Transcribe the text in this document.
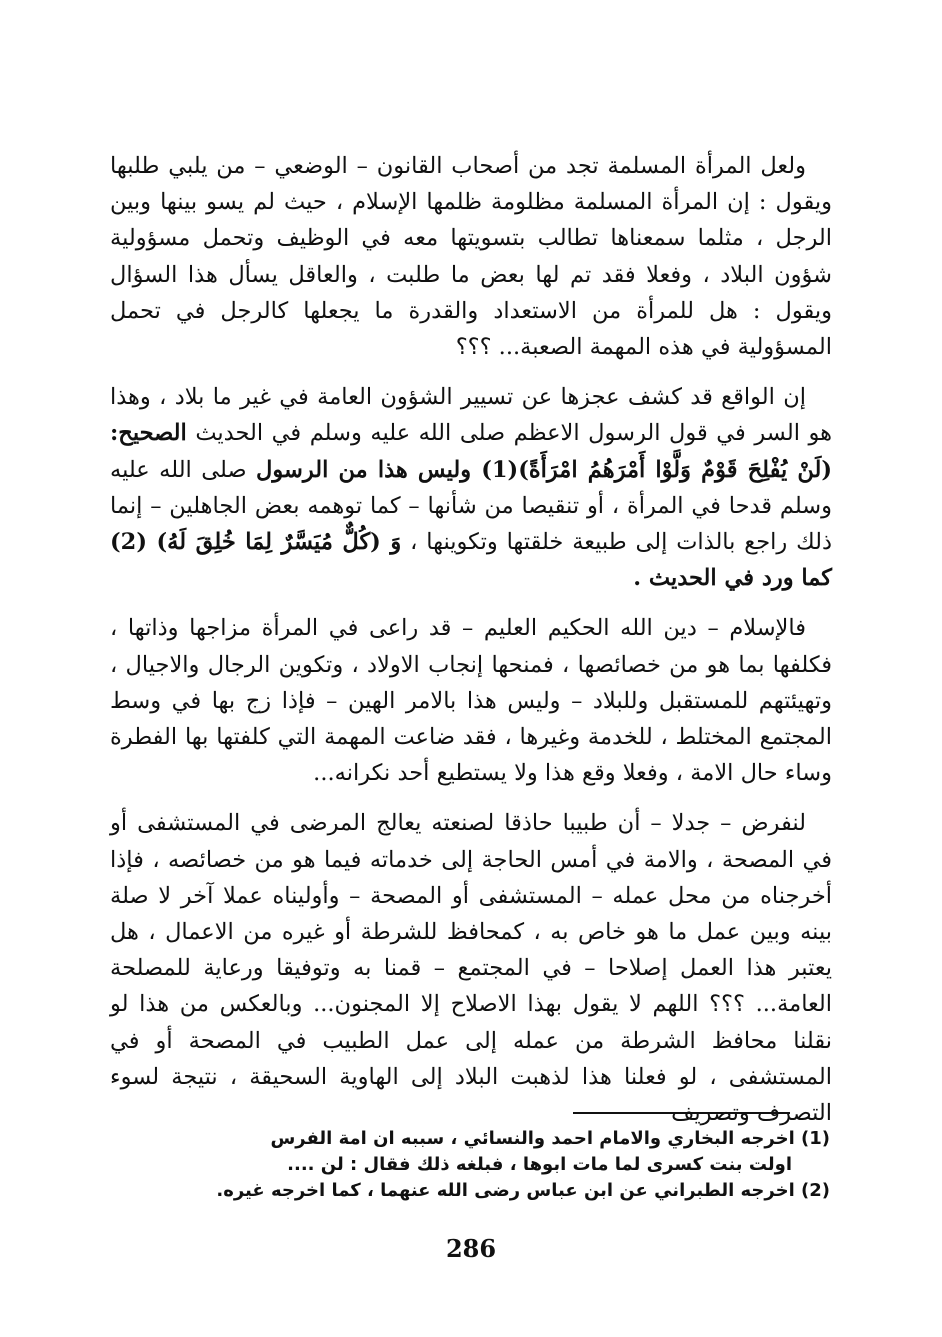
ولعل المرأة المسلمة تجد من أصحاب القانون – الوضعي – من يلبي طلبها ويقول : إن المرأة المسلمة مظلومة ظلمها الإسلام ، حيث لم يسو بينها وبين الرجل ، مثلما سمعناها تطالب بتسويتها معه في الوظيف وتحمل مسؤولية شؤون البلاد ، وفعلا فقد تم لها بعض ما طلبت ، والعاقل يسأل هذا السؤال ويقول : هل للمرأة من الاستعداد والقدرة ما يجعلها كالرجل في تحمل المسؤولية في هذه المهمة الصعبة... ؟؟؟

إن الواقع قد كشف عجزها عن تسيير الشؤون العامة في غير ما بلاد ، وهذا هو السر في قول الرسول الاعظم صلى الله عليه وسلم في الحديث الصحيح: (لَنْ يُفْلِحَ قَوْمٌ وَلَّوْا أَمْرَهُمُ امْرَأَةً)(1) وليس هذا من الرسول صلى الله عليه وسلم قدحا في المرأة ، أو تنقيصا من شأنها – كما توهمه بعض الجاهلين – إنما ذلك راجع بالذات إلى طبيعة خلقتها وتكوينها ، وَ (كُلٌّ مُيَسَّرٌ لِمَا خُلِقَ لَهُ) (2) كما ورد في الحديث .

فالإسلام – دين الله الحكيم العليم – قد راعى في المرأة مزاجها وذاتها ، فكلفها بما هو من خصائصها ، فمنحها إنجاب الاولاد ، وتكوين الرجال والاجيال ، وتهيئتهم للمستقبل وللبلاد – وليس هذا بالامر الهين – فإذا زج بها في وسط المجتمع المختلط ، للخدمة وغيرها ، فقد ضاعت المهمة التي كلفتها بها الفطرة وساء حال الامة ، وفعلا وقع هذا ولا يستطيع أحد نكرانه...

لنفرض – جدلا – أن طبيبا حاذقا لصنعته يعالج المرضى في المستشفى أو في المصحة ، والامة في أمس الحاجة إلى خدماته فيما هو من خصائصه ، فإذا أخرجناه من محل عمله – المستشفى أو المصحة – وأوليناه عملا آخر لا صلة بينه وبين عمل ما هو خاص به ، كمحافظ للشرطة أو غيره من الاعمال ، هل يعتبر هذا العمل إصلاحا – في المجتمع – قمنا به وتوفيقا ورعاية للمصلحة العامة... ؟؟؟ اللهم لا يقول بهذا الاصلاح إلا المجنون... وبالعكس من هذا لو نقلنا محافظ الشرطة من عمله إلى عمل الطبيب في المصحة أو في المستشفى ، لو فعلنا هذا لذهبت البلاد إلى الهاوية السحيقة ، نتيجة لسوء التصرف وتصريف

(1) اخرجه البخاري والامام احمد والنسائي ، سببه ان امة الفرس

اولت بنت كسرى لما مات ابوها ، فبلغه ذلك فقال : لن ....

(2) اخرجه الطبراني عن ابن عباس رضى الله عنهما ، كما اخرجه غيره.

286
